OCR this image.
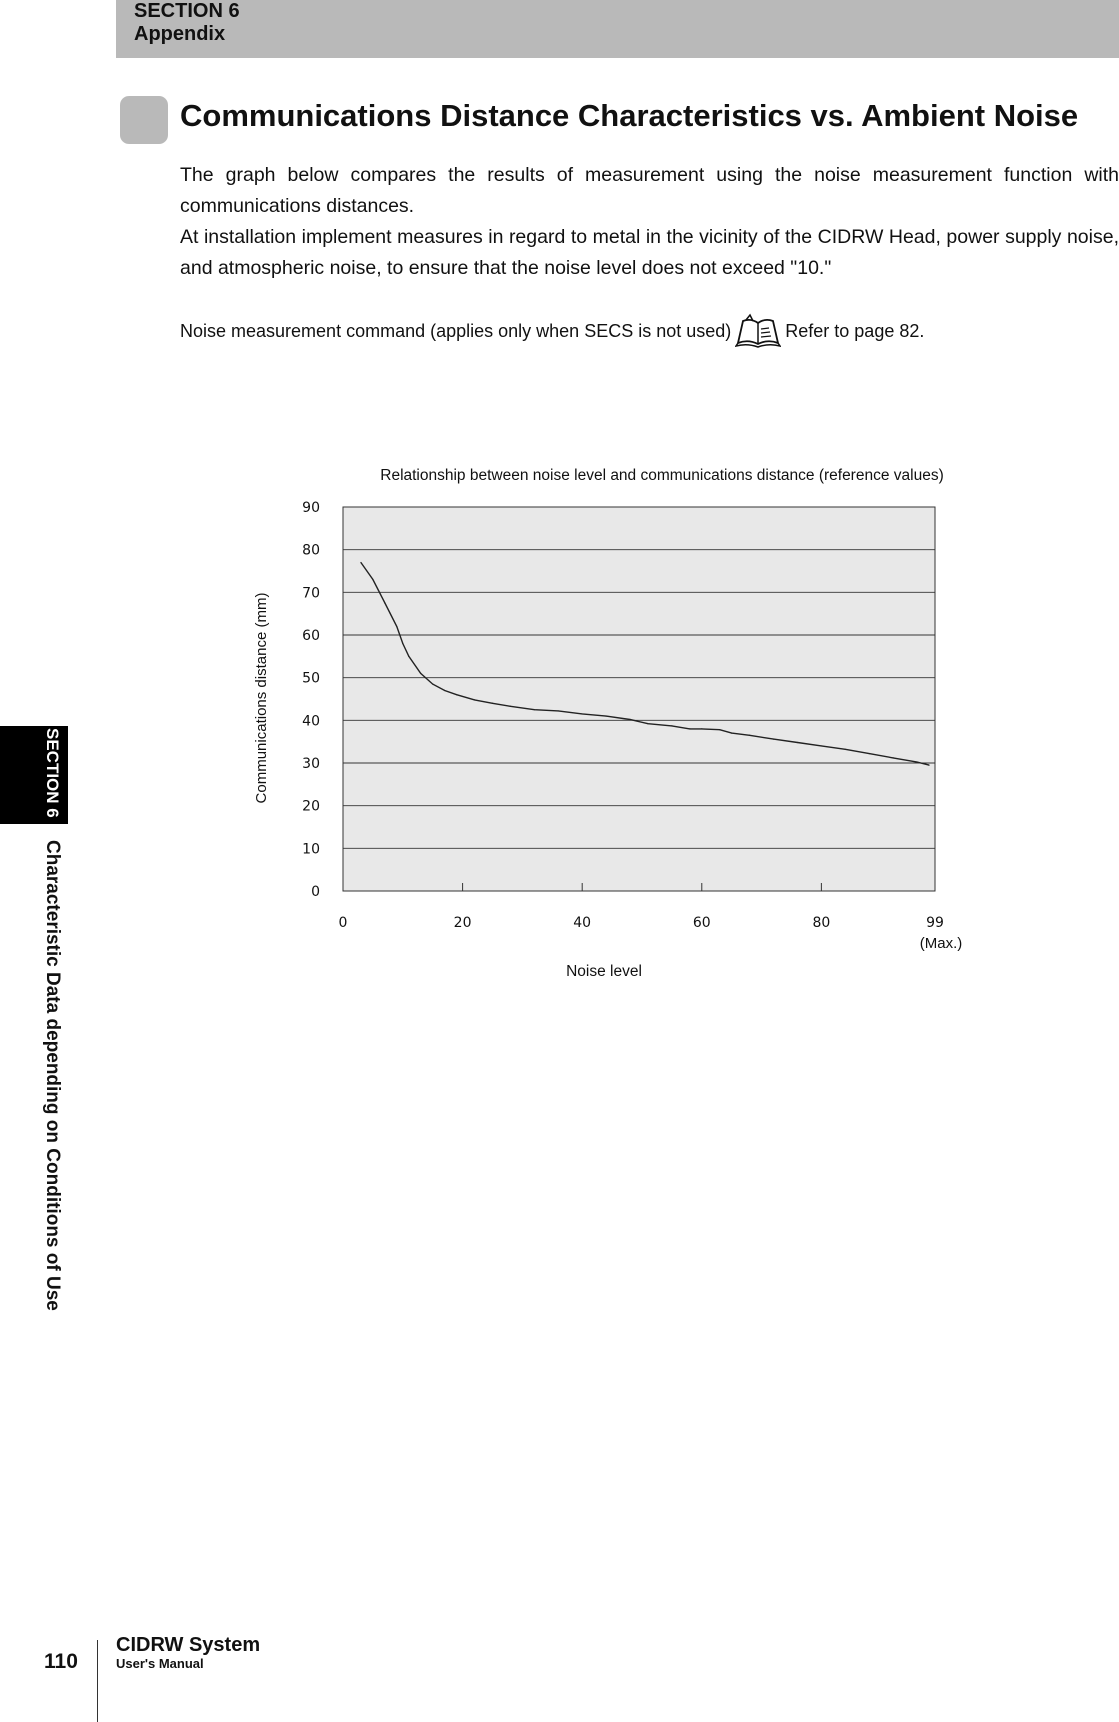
SECTION 6
Appendix
Communications Distance Characteristics vs. Ambient Noise

The graph below compares the results of measurement using the noise measurement function with communications distances.

At installation implement measures in regard to metal in the vicinity of the CIDRW Head, power supply noise, and atmospheric noise, to ensure that the noise level does not exceed "10."

Noise measurement command (applies only when SECS is not used)	Refer to page 82.
Relationship between noise level and communications distance (reference values)
0
10
20
30
40
50
60
70
80
90
0	20	40	60	80	99
(Max.)
Noise level
Communications distance (mm)
SECTION 6
Characteristic Data depending on Conditions of Use
110
CIDRW System
User's Manual
